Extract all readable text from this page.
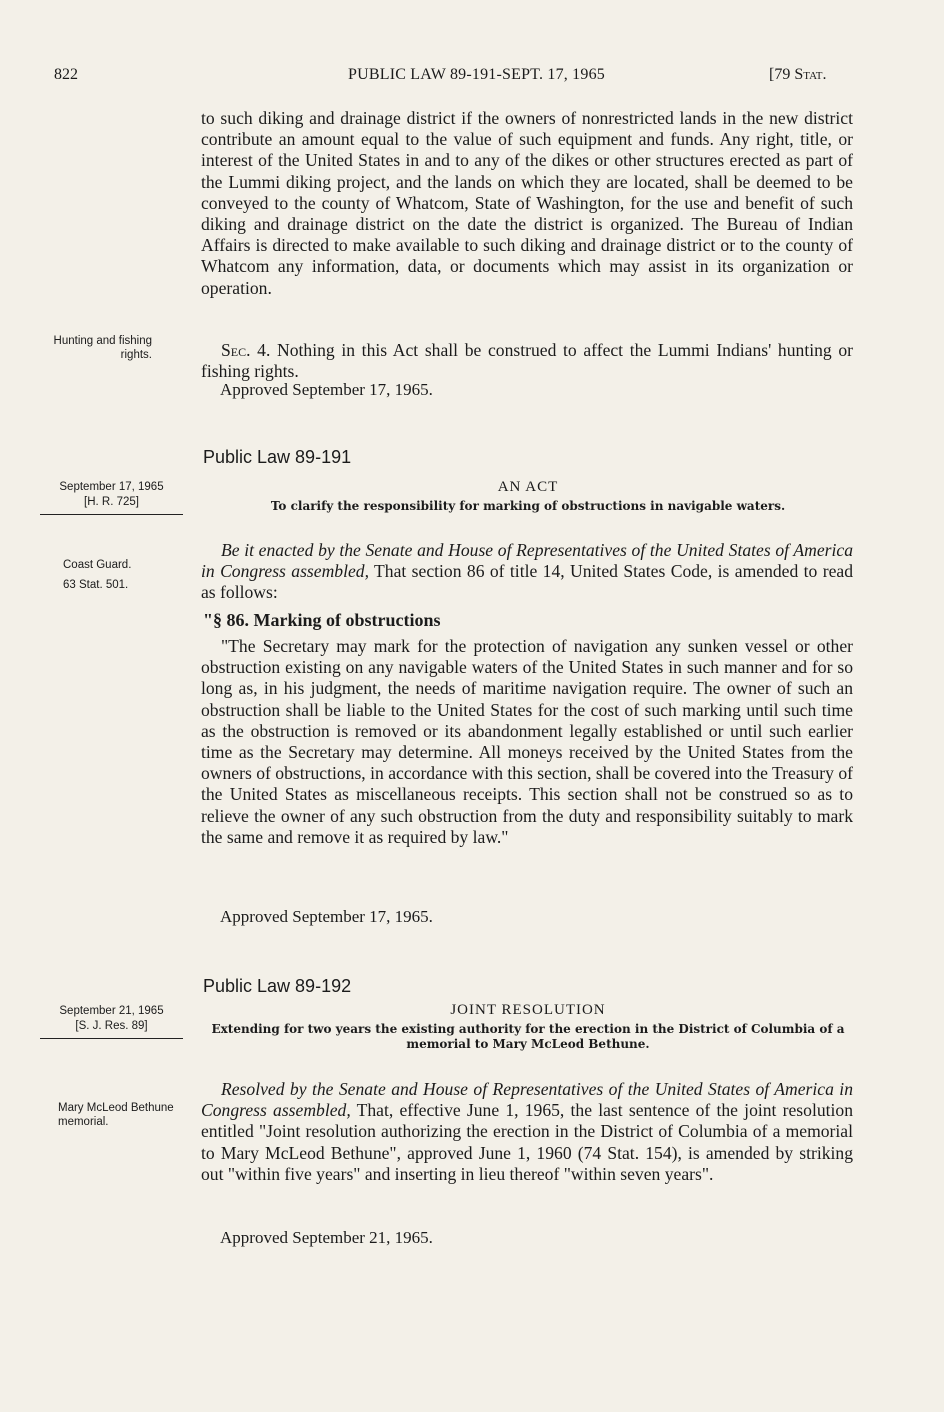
822	PUBLIC LAW 89-191-SEPT. 17, 1965	[79 Stat.

to such diking and drainage district if the owners of nonrestricted lands in the new district contribute an amount equal to the value of such equipment and funds. Any right, title, or interest of the United States in and to any of the dikes or other structures erected as part of the Lummi diking project, and the lands on which they are located, shall be deemed to be conveyed to the county of Whatcom, State of Washington, for the use and benefit of such diking and drainage district on the date the district is organized. The Bureau of Indian Affairs is directed to make available to such diking and drainage district or to the county of Whatcom any information, data, or documents which may assist in its organization or operation.

Hunting and fishing rights.	Sec. 4. Nothing in this Act shall be construed to affect the Lummi Indians' hunting or fishing rights.

Approved September 17, 1965.
Public Law 89-191
September 17, 1965
[H. R. 725]
AN ACT
To clarify the responsibility for marking of obstructions in navigable waters.
Coast Guard.
63 Stat. 501.

Be it enacted by the Senate and House of Representatives of the United States of America in Congress assembled, That section 86 of title 14, United States Code, is amended to read as follows:

"§ 86. Marking of obstructions

"The Secretary may mark for the protection of navigation any sunken vessel or other obstruction existing on any navigable waters of the United States in such manner and for so long as, in his judgment, the needs of maritime navigation require. The owner of such an obstruction shall be liable to the United States for the cost of such marking until such time as the obstruction is removed or its abandonment legally established or until such earlier time as the Secretary may determine. All moneys received by the United States from the owners of obstructions, in accordance with this section, shall be covered into the Treasury of the United States as miscellaneous receipts. This section shall not be construed so as to relieve the owner of any such obstruction from the duty and responsibility suitably to mark the same and remove it as required by law."

Approved September 17, 1965.
Public Law 89-192
September 21, 1965
[S. J. Res. 89]
JOINT RESOLUTION
Extending for two years the existing authority for the erection in the District of Columbia of a memorial to Mary McLeod Bethune.
Mary McLeod Bethune memorial.

Resolved by the Senate and House of Representatives of the United States of America in Congress assembled, That, effective June 1, 1965, the last sentence of the joint resolution entitled "Joint resolution authorizing the erection in the District of Columbia of a memorial to Mary McLeod Bethune", approved June 1, 1960 (74 Stat. 154), is amended by striking out "within five years" and inserting in lieu thereof "within seven years".

Approved September 21, 1965.
